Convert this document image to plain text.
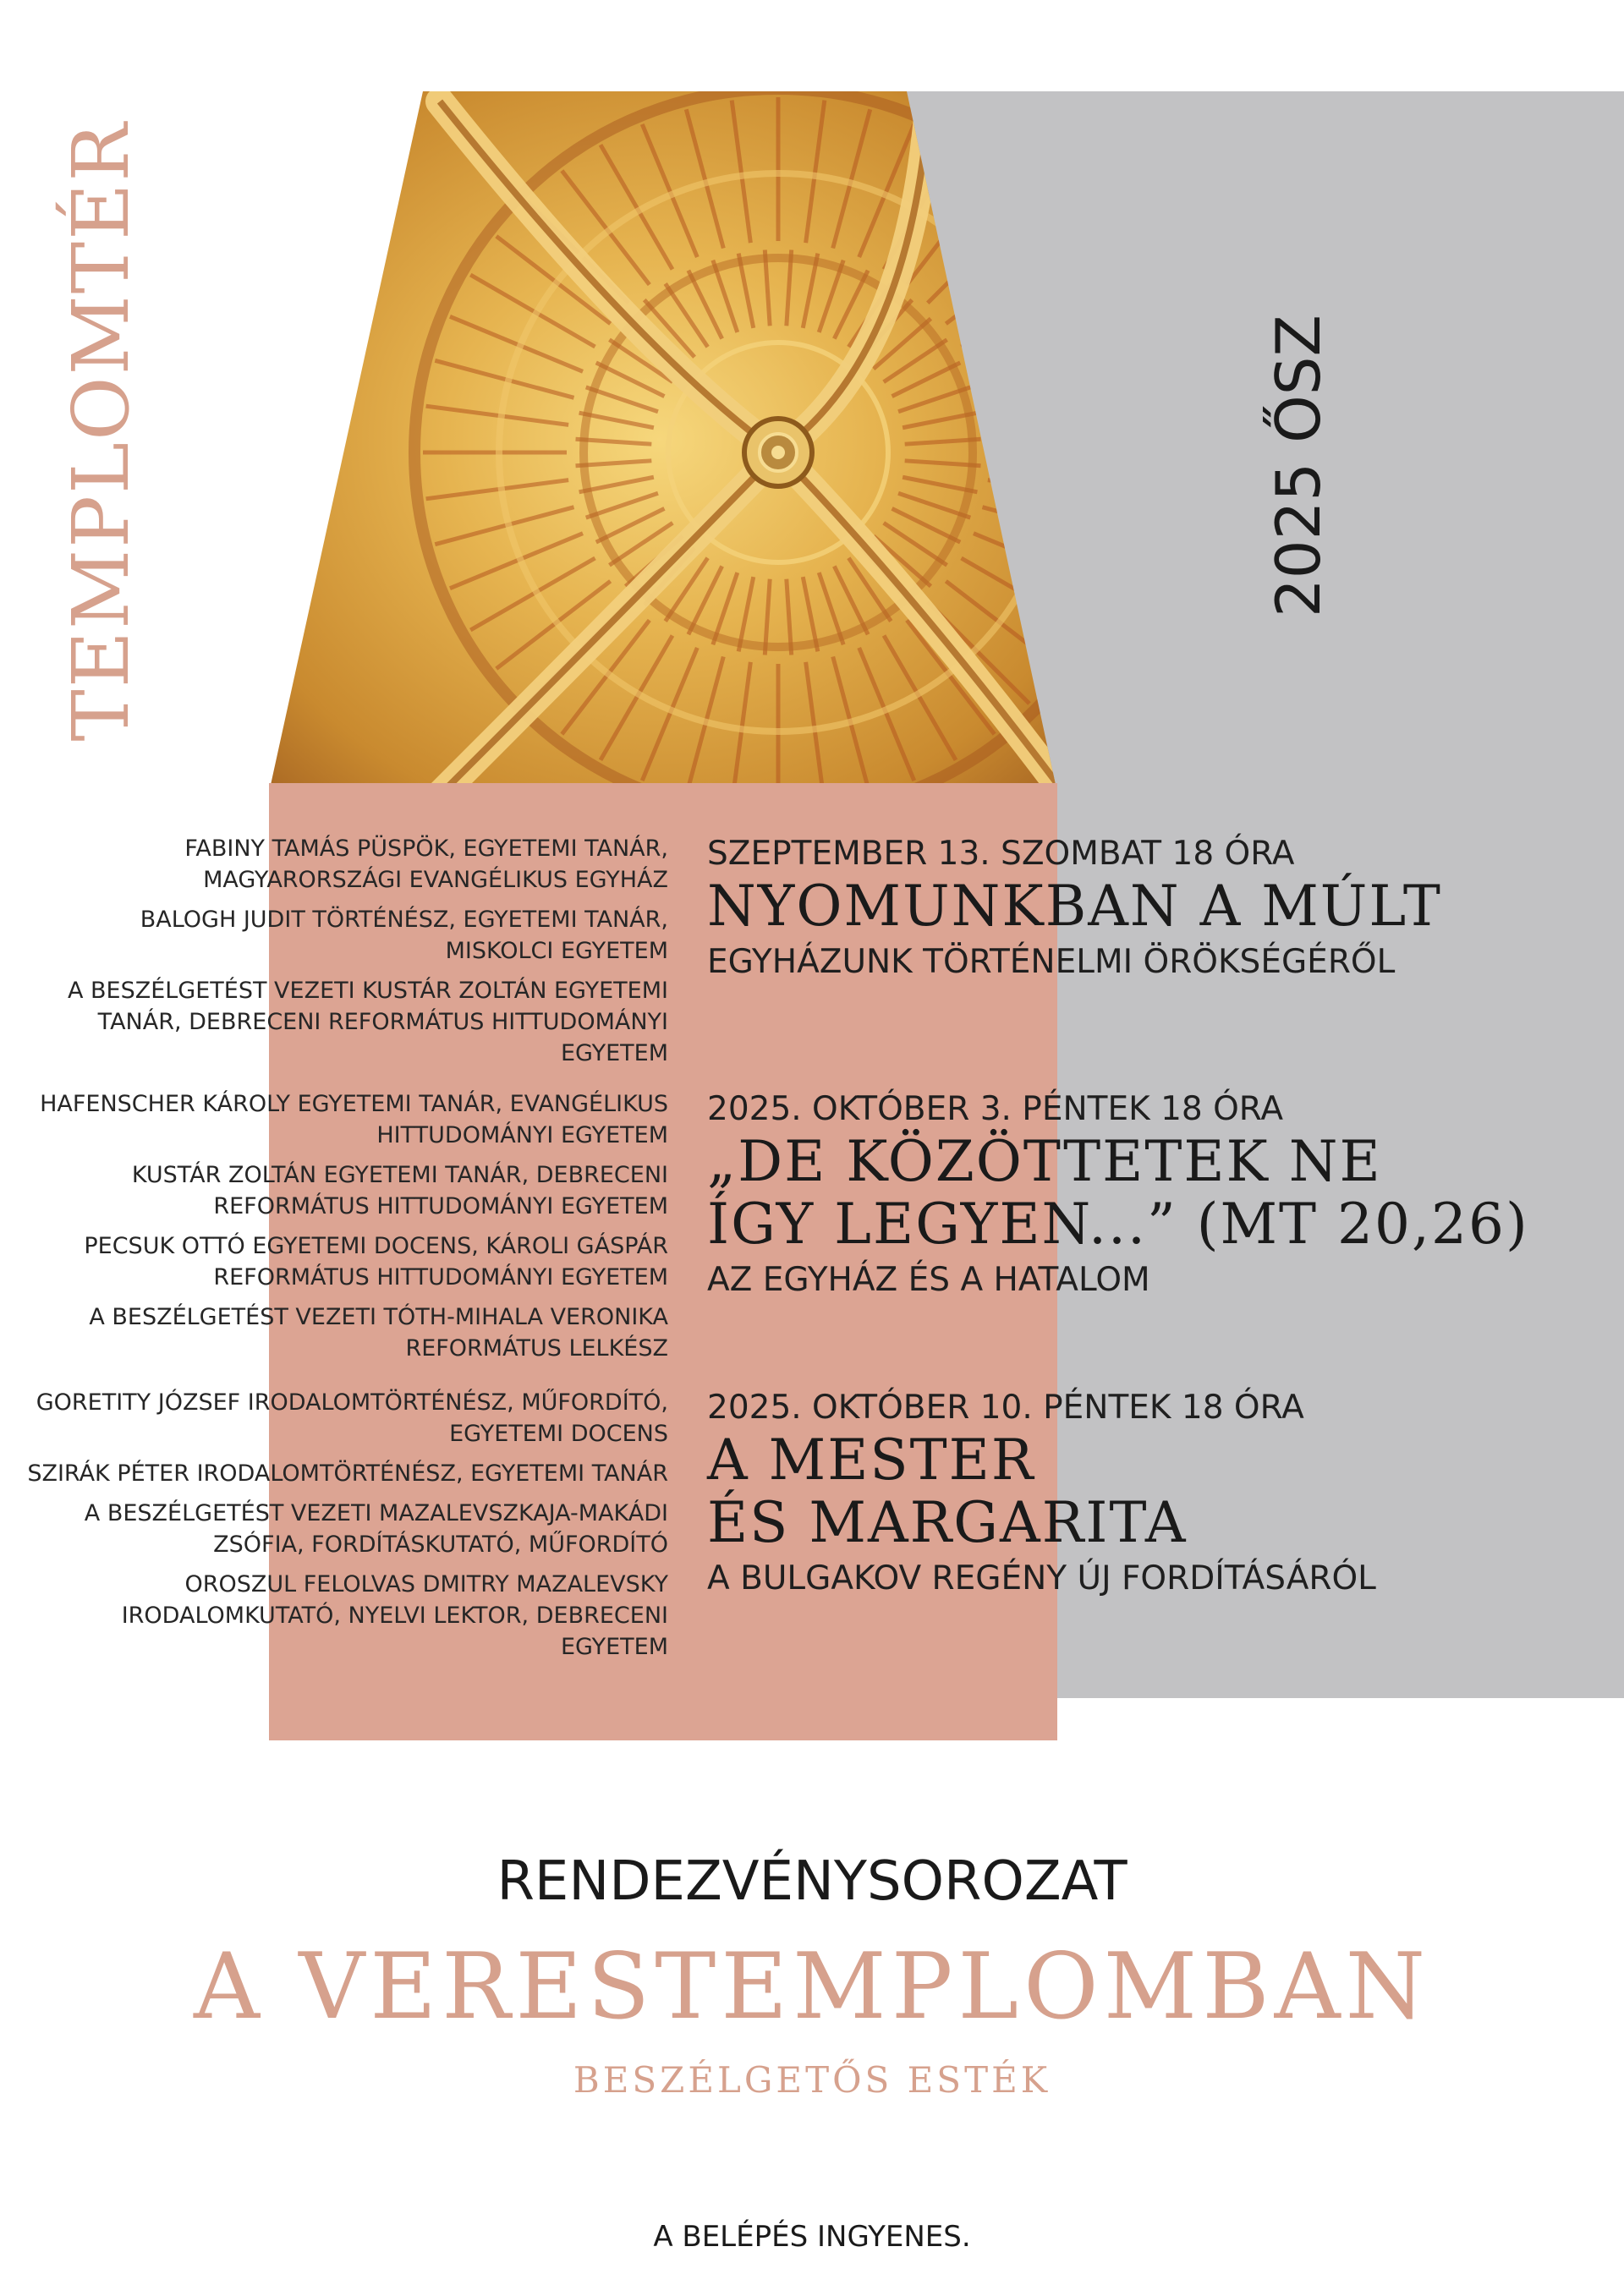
TEMPLOMTÉR	2025 ŐSZ

FABINY TAMÁS PÜSPÖK, EGYETEMI TANÁR, MAGYARORSZÁGI EVANGÉLIKUS EGYHÁZ

BALOGH JUDIT TÖRTÉNÉSZ, EGYETEMI TANÁR, MISKOLCI EGYETEM

A BESZÉLGETÉST VEZETI KUSTÁR ZOLTÁN EGYETEMI TANÁR, DEBRECENI REFORMÁTUS HITTUDOMÁNYI EGYETEM

SZEPTEMBER 13. SZOMBAT 18 ÓRA
NYOMUNKBAN A MÚLT
EGYHÁZUNK TÖRTÉNELMI ÖRÖKSÉGÉRŐL

HAFENSCHER KÁROLY EGYETEMI TANÁR, EVANGÉLIKUS HITTUDOMÁNYI EGYETEM

KUSTÁR ZOLTÁN EGYETEMI TANÁR, DEBRECENI REFORMÁTUS HITTUDOMÁNYI EGYETEM

PECSUK OTTÓ EGYETEMI DOCENS, KÁROLI GÁSPÁR REFORMÁTUS HITTUDOMÁNYI EGYETEM

A BESZÉLGETÉST VEZETI TÓTH-MIHALA VERONIKA REFORMÁTUS LELKÉSZ

2025. OKTÓBER 3. PÉNTEK 18 ÓRA
„DE KÖZÖTTETEK NE
ÍGY LEGYEN...” (MT 20,26)
AZ EGYHÁZ ÉS A HATALOM

GORETITY JÓZSEF IRODALOMTÖRTÉNÉSZ, MŰFORDÍTÓ, EGYETEMI DOCENS

SZIRÁK PÉTER IRODALOMTÖRTÉNÉSZ, EGYETEMI TANÁR

A BESZÉLGETÉST VEZETI MAZALEVSZKAJA-MAKÁDI ZSÓFIA, FORDÍTÁSKUTATÓ, MŰFORDÍTÓ

OROSZUL FELOLVAS DMITRY MAZALEVSKY IRODALOMKUTATÓ, NYELVI LEKTOR, DEBRECENI EGYETEM

2025. OKTÓBER 10. PÉNTEK 18 ÓRA
A MESTER
ÉS MARGARITA
A BULGAKOV REGÉNY ÚJ FORDÍTÁSÁRÓL
RENDEZVÉNYSOROZAT
A VERESTEMPLOMBAN
BESZÉLGETŐS ESTÉK
A BELÉPÉS INGYENES.
